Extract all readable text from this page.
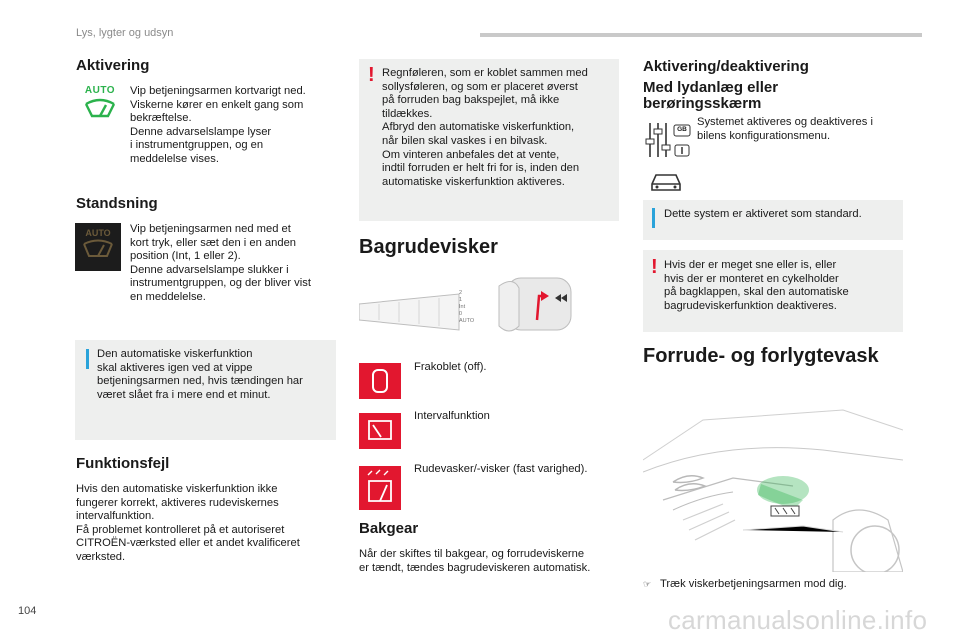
Lys, lygter og udsyn
Aktivering
AUTO	Vip betjeningsarmen kortvarigt ned.
Viskerne kører en enkelt gang som
bekræftelse.
Denne advarselslampe lyser
i instrumentgruppen, og en
meddelelse vises.
Standsning
AUTO	Vip betjeningsarmen ned med et
kort tryk, eller sæt den i en anden
position (Int, 1 eller 2).
Denne advarselslampe slukker i
instrumentgruppen, og der bliver vist
en meddelelse.
Den automatiske viskerfunktion
skal aktiveres igen ved at vippe
betjeningsarmen ned, hvis tændingen har
været slået fra i mere end et minut.
Funktionsfejl
Hvis den automatiske viskerfunktion ikke
fungerer korrekt, aktiveres rudeviskernes
intervalfunktion.
Få problemet kontrolleret på et autoriseret
CITROËN-værksted eller et andet kvalificeret
værksted.
! Regnføleren, som er koblet sammen med
sollysføleren, og som er placeret øverst
på forruden bag bakspejlet, må ikke
tildækkes.
Afbryd den automatiske viskerfunktion,
når bilen skal vaskes i en bilvask.
Om vinteren anbefales det at vente,
indtil forruden er helt fri for is, inden den
automatiske viskerfunktion aktiveres.
Bagrudevisker
2
1
Int
0
AUTO
Frakoblet (off).
Intervalfunktion
Rudevasker/-visker (fast varighed).
Bakgear
Når der skiftes til bakgear, og forrudeviskerne
er tændt, tændes bagrudeviskeren automatisk.
Aktivering/deaktivering
Med lydanlæg eller
berøringsskærm
GB
Systemet aktiveres og deaktiveres i
bilens konfigurationsmenu.
Dette system er aktiveret som standard.
! Hvis der er meget sne eller is, eller
hvis der er monteret en cykelholder
på bagklappen, skal den automatiske
bagrudeviskerfunktion deaktiveres.
Forrude- og forlygtevask
☞ Træk viskerbetjeningsarmen mod dig.
104	carmanualsonline.info
